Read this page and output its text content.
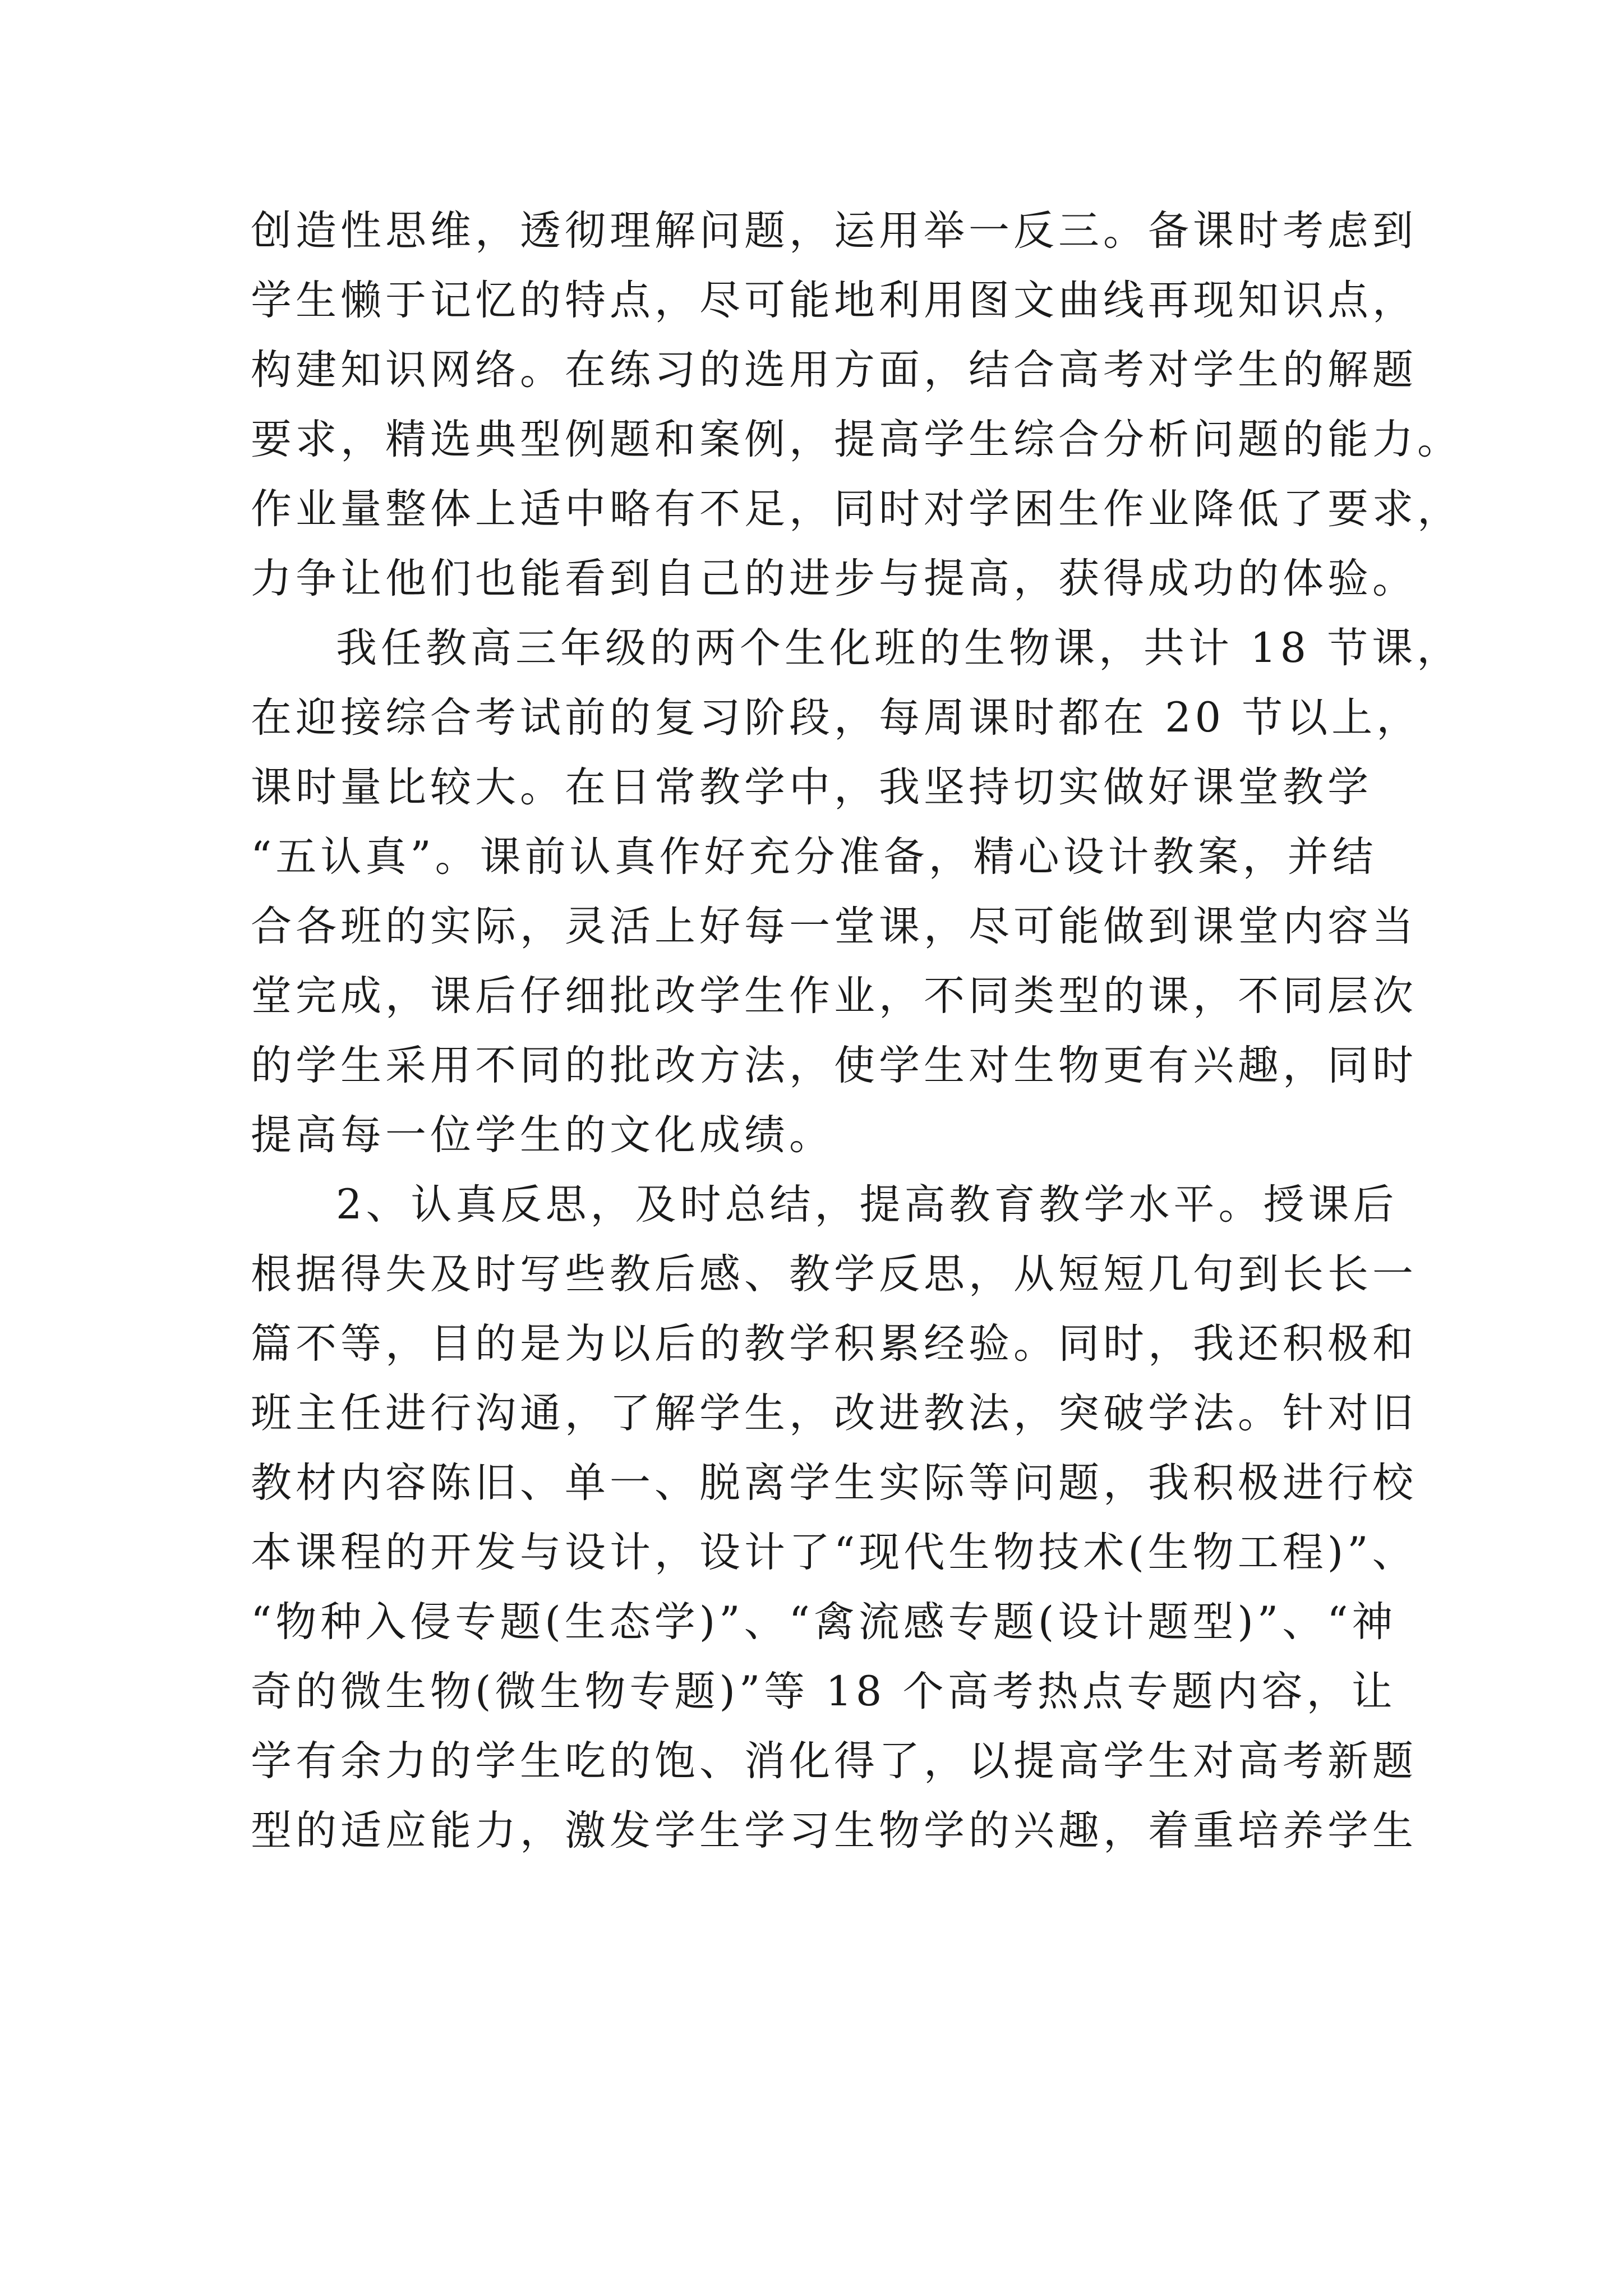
创造性思维，透彻理解问题，运用举一反三。备课时考虑到
学生懒于记忆的特点，尽可能地利用图文曲线再现知识点，
构建知识网络。在练习的选用方面，结合高考对学生的解题
要求，精选典型例题和案例，提高学生综合分析问题的能力。
作业量整体上适中略有不足，同时对学困生作业降低了要求，
力争让他们也能看到自己的进步与提高，获得成功的体验。
我任教高三年级的两个生化班的生物课，共计 18 节课，
在迎接综合考试前的复习阶段，每周课时都在 20 节以上，
课时量比较大。在日常教学中，我坚持切实做好课堂教学
“五认真”。课前认真作好充分准备，精心设计教案，并结
合各班的实际，灵活上好每一堂课，尽可能做到课堂内容当
堂完成，课后仔细批改学生作业，不同类型的课，不同层次
的学生采用不同的批改方法，使学生对生物更有兴趣，同时
提高每一位学生的文化成绩。
2、认真反思，及时总结，提高教育教学水平。授课后
根据得失及时写些教后感、教学反思，从短短几句到长长一
篇不等，目的是为以后的教学积累经验。同时，我还积极和
班主任进行沟通，了解学生，改进教法，突破学法。针对旧
教材内容陈旧、单一、脱离学生实际等问题，我积极进行校
本课程的开发与设计，设计了“现代生物技术(生物工程)”、
“物种入侵专题(生态学)”、“禽流感专题(设计题型)”、“神
奇的微生物(微生物专题)”等 18 个高考热点专题内容，让
学有余力的学生吃的饱、消化得了，以提高学生对高考新题
型的适应能力，激发学生学习生物学的兴趣，着重培养学生
